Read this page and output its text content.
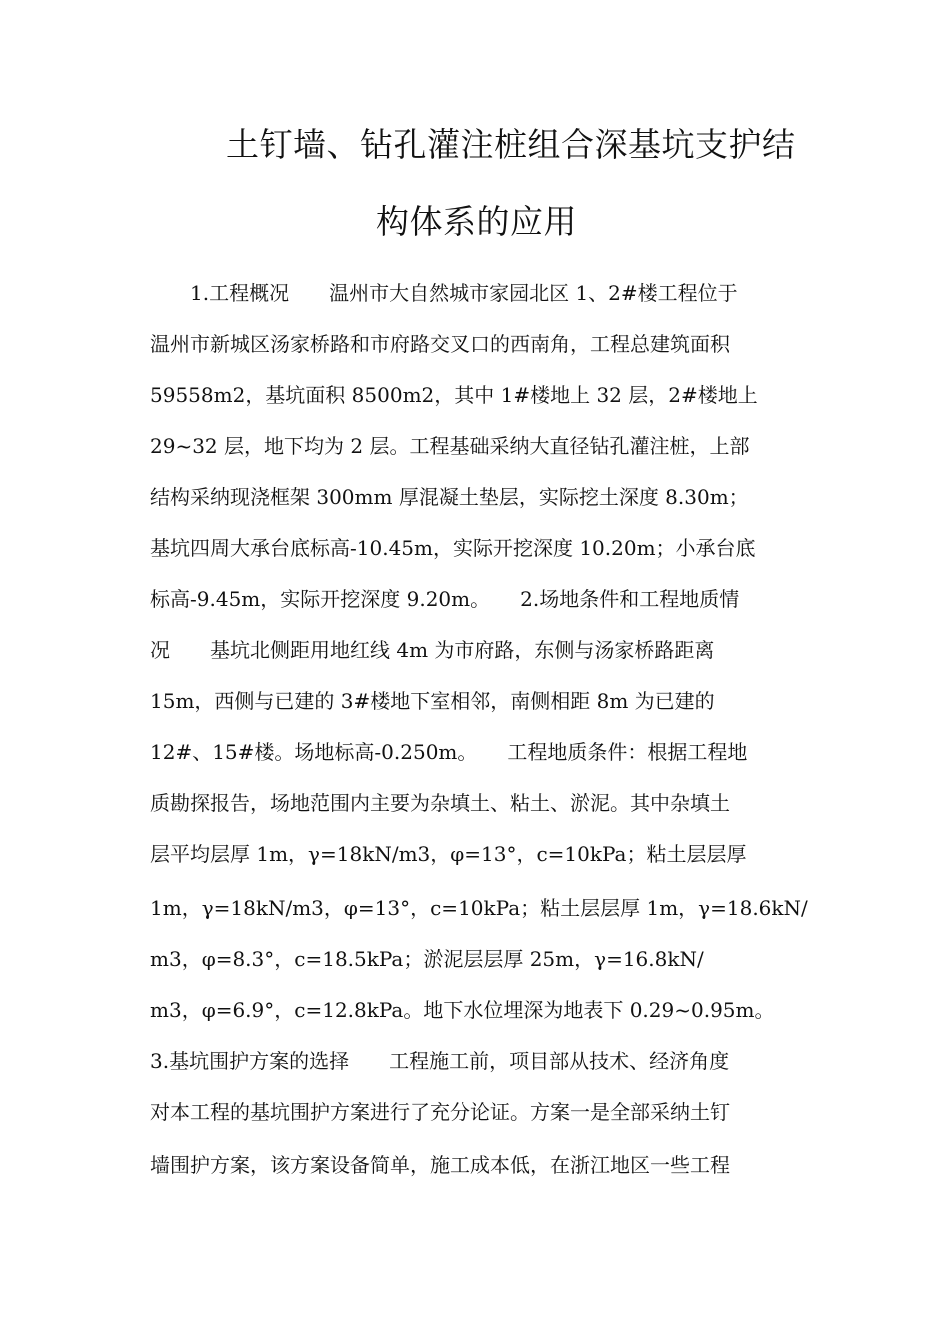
土钉墙、钻孔灌注桩组合深基坑支护结
构体系的应用
1.工程概况　　温州市大自然城市家园北区 1、2#楼工程位于
温州市新城区汤家桥路和市府路交叉口的西南角，工程总建筑面积
59558m2，基坑面积 8500m2，其中 1#楼地上 32 层，2#楼地上
29~32 层，地下均为 2 层。工程基础采纳大直径钻孔灌注桩，上部
结构采纳现浇框架 300mm 厚混凝土垫层，实际挖土深度 8.30m；
基坑四周大承台底标高-10.45m，实际开挖深度 10.20m；小承台底
标高-9.45m，实际开挖深度 9.20m。　　2.场地条件和工程地质情
况　　基坑北侧距用地红线 4m 为市府路，东侧与汤家桥路距离
15m，西侧与已建的 3#楼地下室相邻，南侧相距 8m 为已建的
12#、15#楼。场地标高-0.250m。　　工程地质条件：根据工程地
质勘探报告，场地范围内主要为杂填土、粘土、淤泥。其中杂填土
层平均层厚 1m，γ=18kN/m3，φ=13°，c=10kPa；粘土层层厚
1m，γ=18kN/m3，φ=13°，c=10kPa；粘土层层厚 1m，γ=18.6kN/
m3，φ=8.3°，c=18.5kPa；淤泥层层厚 25m，γ=16.8kN/
m3，φ=6.9°，c=12.8kPa。地下水位埋深为地表下 0.29~0.95m。
3.基坑围护方案的选择　　工程施工前，项目部从技术、经济角度
对本工程的基坑围护方案进行了充分论证。方案一是全部采纳土钉
墙围护方案，该方案设备简单，施工成本低，在浙江地区一些工程
